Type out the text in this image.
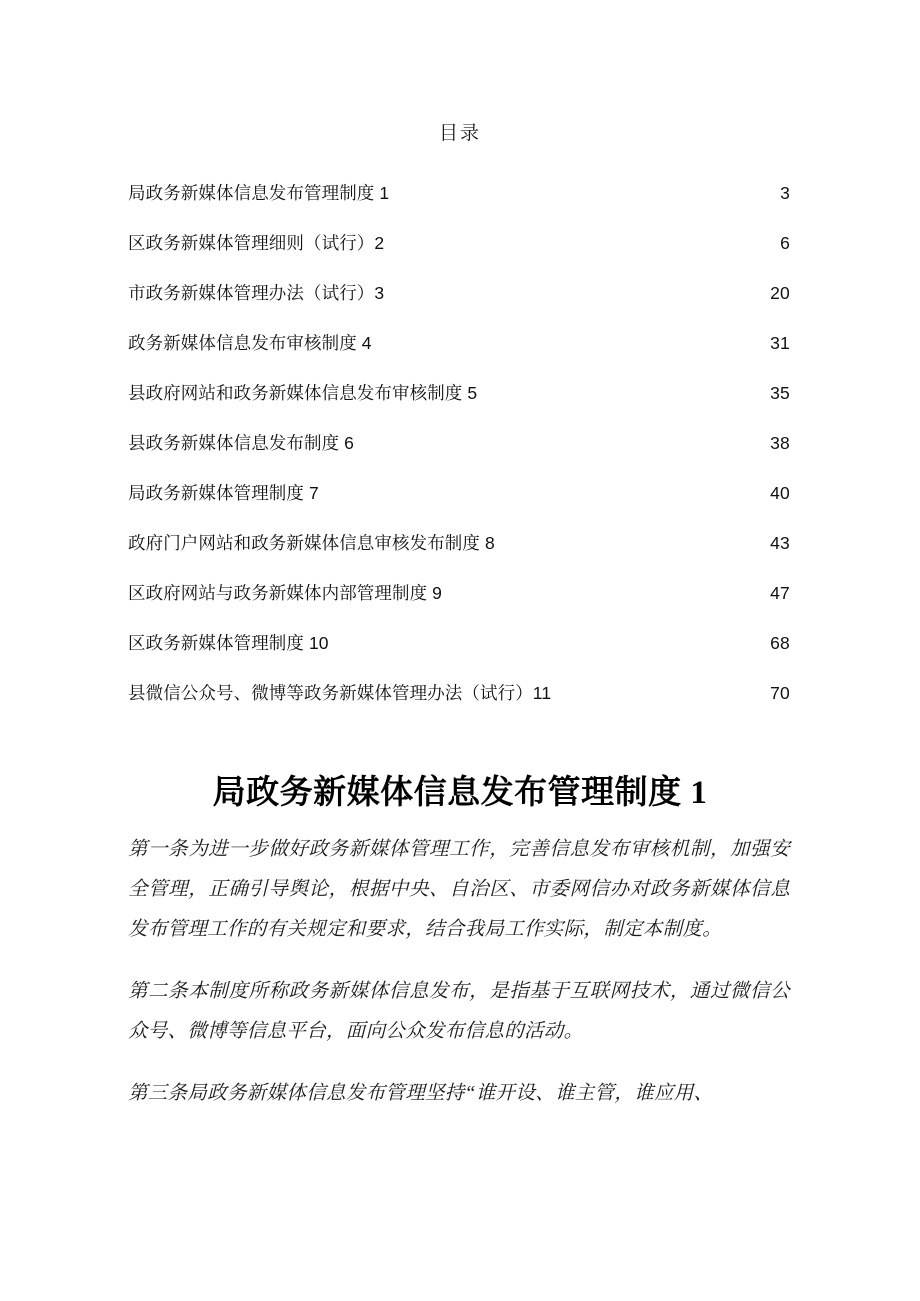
目录
局政务新媒体信息发布管理制度 1 .....	3
区政务新媒体管理细则（试行）2 .....	6
市政务新媒体管理办法（试行）3 .....	20
政务新媒体信息发布审核制度 4 .....	31
县政府网站和政务新媒体信息发布审核制度 5 .....	35
县政务新媒体信息发布制度 6 .....	38
局政务新媒体管理制度 7 .....	40
政府门户网站和政务新媒体信息审核发布制度 8 .....	43
区政府网站与政务新媒体内部管理制度 9 .....	47
区政务新媒体管理制度 10 .....	68
县微信公众号、微博等政务新媒体管理办法（试行）11 .....	70
局政务新媒体信息发布管理制度 1

第一条为进一步做好政务新媒体管理工作，完善信息发布审核机制，加强安全管理，正确引导舆论，根据中央、自治区、市委网信办对政务新媒体信息发布管理工作的有关规定和要求，结合我局工作实际，制定本制度。

第二条本制度所称政务新媒体信息发布，是指基于互联网技术，通过微信公众号、微博等信息平台，面向公众发布信息的活动。

第三条局政务新媒体信息发布管理坚持“谁开设、谁主管，谁应用、
